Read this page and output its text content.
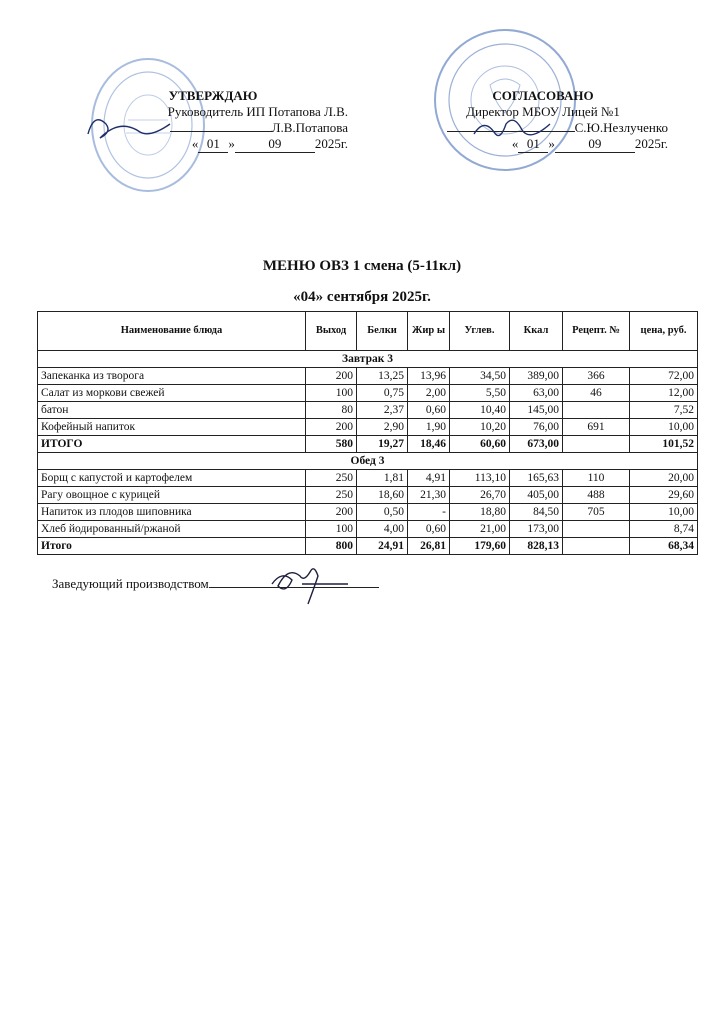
УТВЕРЖДАЮ
Руководитель ИП Потапова Л.В.
Л.В.Потапова
« 01 »	09	2025г.
СОГЛАСОВАНО
Директор МБОУ Лицей №1
С.Ю.Незлученко
« 01 »	09	2025г.
МЕНЮ ОВЗ 1 смена (5-11кл)
«04» сентября 2025г.
Наименование блюда	Выход	Белки	Жир ы	Углев.	Ккал	Рецепт. №	цена, руб.
Завтрак 3							
Запеканка из творога	200	13,25	13,96	34,50	389,00	366	72,00
Салат из моркови свежей	100	0,75	2,00	5,50	63,00	46	12,00
батон	80	2,37	0,60	10,40	145,00		7,52
Кофейный напиток	200	2,90	1,90	10,20	76,00	691	10,00
ИТОГО	580	19,27	18,46	60,60	673,00		101,52
Обед 3							
Борщ с капустой и картофелем	250	1,81	4,91	113,10	165,63	110	20,00
Рагу овощное с курицей	250	18,60	21,30	26,70	405,00	488	29,60
Напиток из плодов шиповника	200	0,50	-	18,80	84,50	705	10,00
Хлеб йодированный/ржаной	100	4,00	0,60	21,00	173,00		8,74
Итого	800	24,91	26,81	179,60	828,13		68,34
Заведующий производством
